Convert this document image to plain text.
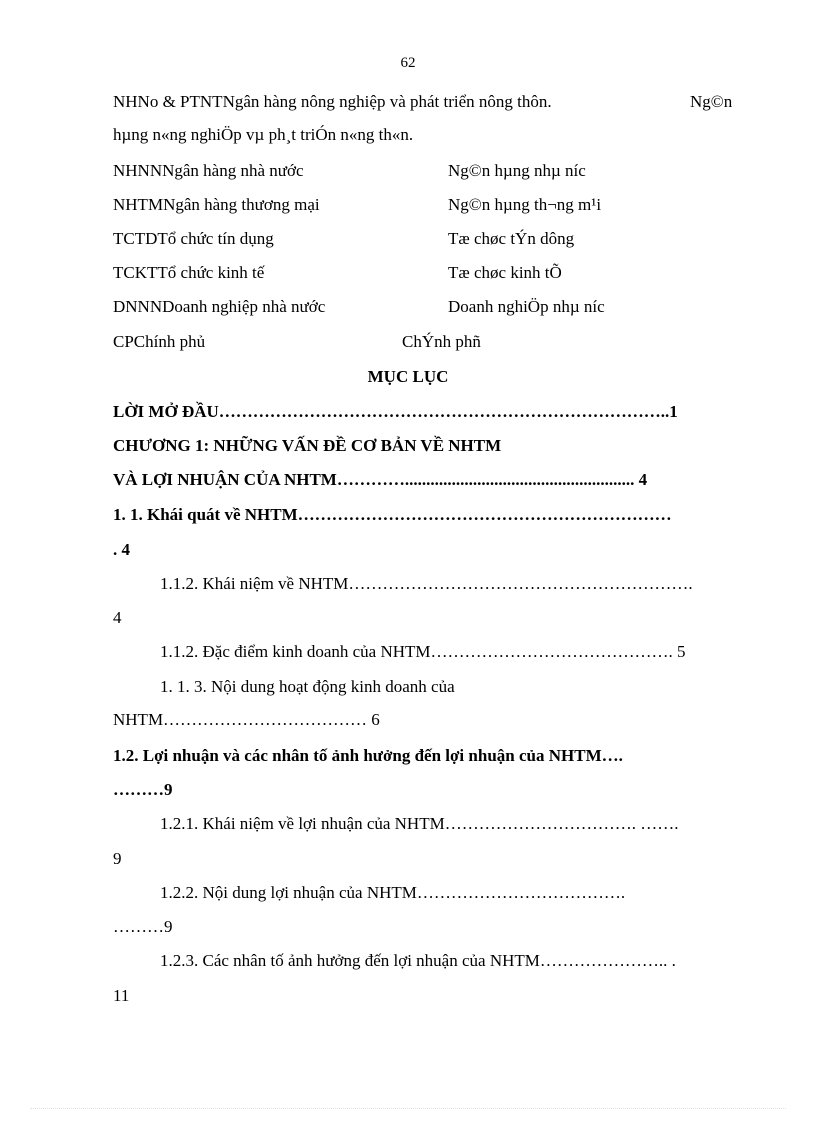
62
NHNo & PTNTNgân hàng nông nghiệp và phát triển nông thôn.	Ng©n
hµng n«ng nghiÖp vµ ph¸t triÓn n«ng th«n.
NHNNNgân hàng nhà nước	Ng©n hµng nhµ níc
NHTMNgân hàng thương mại	Ng©n hµng th¬ng m¹i
TCTDTổ chức tín dụng	Tæ chøc tÝn dông
TCKTTổ chức kinh tế	Tæ chøc kinh tÕ
DNNNDoanh nghiệp nhà nước	Doanh nghiÖp nhµ níc
CPChính phủ	ChÝnh phñ
MỤC LỤC
LỜI MỞ ĐẦU……………………………………………………………………..1
CHƯƠNG 1: NHỮNG VẤN ĐỀ CƠ BẢN VỀ NHTM
VÀ LỢI NHUẬN CỦA NHTM…………...................................................... 4
1. 1. Khái quát về NHTM…………………………………………………………
. 4
1.1.2. Khái niệm về NHTM…………………………………………………….
4
1.1.2. Đặc điểm kinh doanh của NHTM……………………………………. 5
1. 1. 3. Nội dung hoạt động kinh doanh của
NHTM……………………………… 6
1.2. Lợi nhuận và các nhân tố ảnh hưởng đến lợi nhuận của NHTM….
………9
1.2.1. Khái niệm về lợi nhuận của NHTM……………………………. …….
9
1.2.2. Nội dung lợi nhuận của NHTM……………………………….
………9
1.2.3. Các nhân tố ảnh hưởng đến lợi nhuận của NHTM………………….. .
11
